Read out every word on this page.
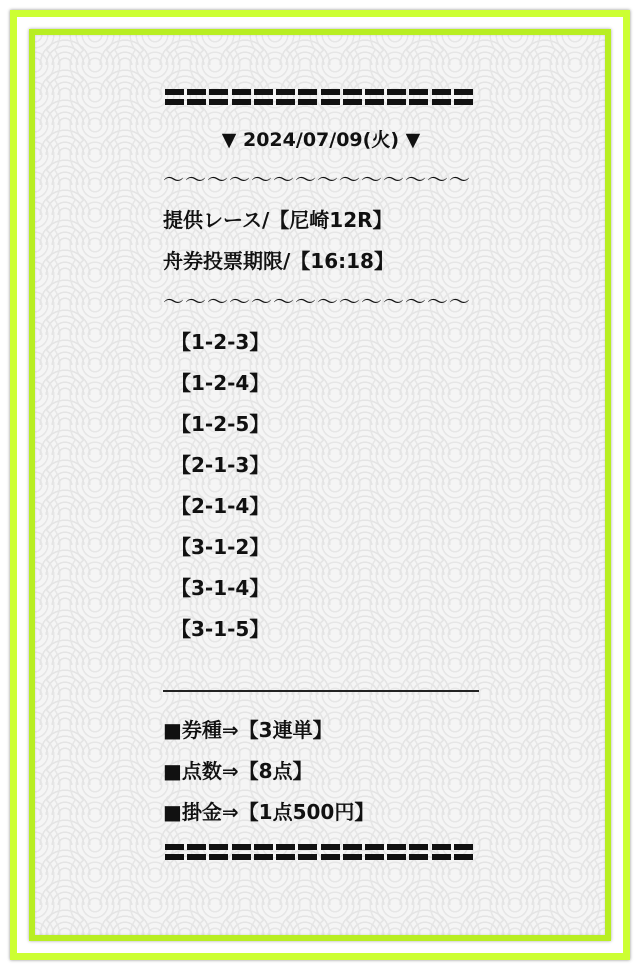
▼ 2024/07/09(火) ▼
〜〜〜〜〜〜〜〜〜〜〜〜〜〜
提供レース/【尼崎12R】
舟券投票期限/【16:18】
〜〜〜〜〜〜〜〜〜〜〜〜〜〜
【1-2-3】
【1-2-4】
【1-2-5】
【2-1-3】
【2-1-4】
【3-1-2】
【3-1-4】
【3-1-5】
■券種⇒【3連単】
■点数⇒【8点】
■掛金⇒【1点500円】
